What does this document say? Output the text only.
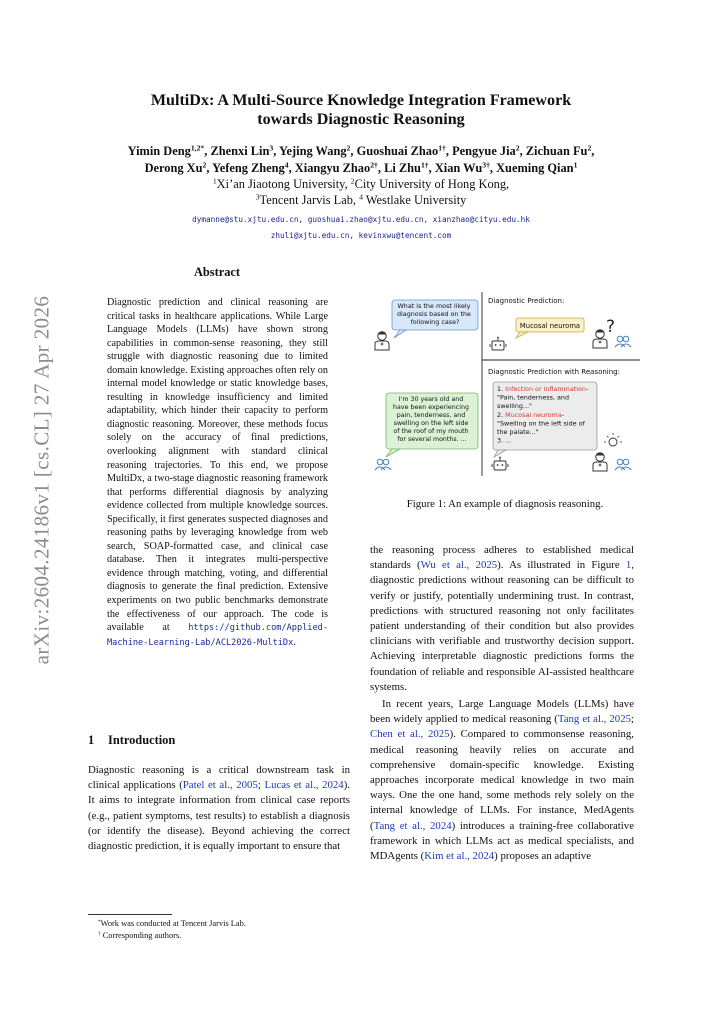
arXiv:2604.24186v1 [cs.CL] 27 Apr 2026
MultiDx: A Multi-Source Knowledge Integration Framework
towards Diagnostic Reasoning
Yimin Deng$^{1,2*}$, Zhenxi Lin$^3$, Yejing Wang$^2$, Guoshuai Zhao$^{1\dagger}$, Pengyue Jia$^2$, Zichuan Fu$^2$,
Derong Xu$^2$, Yefeng Zheng$^4$, Xiangyu Zhao$^{2\dagger}$, Li Zhu$^{1\dagger}$, Xian $Wu^{3\dagger}$, Xueming Qian$^1$
$^1$Xi’an Jiaotong University, $^2$City University of Hong Kong,
$^3$Tencent Jarvis Lab, $^4$ Westlake University
dymanne@stu.xjtu.edu.cn, guoshuai.zhao@xjtu.edu.cn, xianzhao@cityu.edu.hk
zhuli@xjtu.edu.cn, kevinxwu@tencent.com
Abstract
Diagnostic prediction and clinical reasoning are critical tasks in healthcare applications. While Large Language Models (LLMs) have shown strong capabilities in common-sense reasoning, they still struggle with diagnostic reasoning due to limited domain knowledge. Existing approaches often rely on internal model knowledge or static knowledge bases, resulting in knowledge insufficiency and limited adaptability, which hinder their capacity to perform diagnostic reasoning. Moreover, these methods focus solely on the accuracy of final predictions, overlooking alignment with standard clinical reasoning trajectories. To this end, we propose MultiDx, a two-stage diagnostic reasoning framework that performs differential diagnosis by analyzing evidence collected from multiple knowledge sources. Specifically, it first generates suspected diagnoses and reasoning paths by leveraging knowledge from web search, SOAP-formatted case, and clinical case database. Then it integrates multi-perspective evidence through matching, voting, and differential diagnosis to generate the final prediction. Extensive experiments on two public benchmarks demonstrate the effectiveness of our approach. The code is available at https://github.com/Applied-Machine-Learning-Lab/ACL2026-MultiDx.
1 Introduction

Diagnostic reasoning is a critical downstream task in clinical applications (Patel et al., 2005; Lucas et al., 2024). It aims to integrate information from clinical case reports (e.g., patient symptoms, test results) to establish a diagnosis (or identify the disease). Beyond achieving the correct diagnostic prediction, it is equally important to ensure that

*Work was conducted at Tencent Jarvis Lab.
† Corresponding authors.

the reasoning process adheres to established medical standards (Wu et al., 2025). As illustrated in Figure 1, diagnostic predictions without reasoning can be difficult to verify or justify, potentially undermining trust. In contrast, predictions with structured reasoning not only facilitates patient understanding of their condition but also provides clinicians with verifiable and trustworthy decision support. Achieving interpretable diagnostic predictions forms the foundation of reliable and responsible AI-assisted healthcare systems.

In recent years, Large Language Models (LLMs) have been widely applied to medical reasoning (Tang et al., 2025; Chen et al., 2025). Compared to commonsense reasoning, medical reasoning heavily relies on accurate and comprehensive domain-specific knowledge. Existing approaches incorporate medical knowledge in two main ways. One the one hand, some methods rely solely on the internal knowledge of LLMs. For instance, MedAgents (Tang et al., 2024) introduces a training-free collaborative framework in which LLMs act as medical specialists, and MDAgents (Kim et al., 2024) proposes an adaptive

What is the most likely diagnosis based on the following case?
I'm 30 years old and have been experiencing pain, tenderness, and swelling on the left side of the roof of my mouth for several months. ...
Diagnostic Prediction:
Mucosal neuroma ?
Diagnostic Prediction with Reasoning:
1. Infection or inflammation-"Pain, tenderness, and swelling..." 2. Mucosal neuroma-"Swelling on the left side of the palate..." 3. ...
Figure 1: An example of diagnosis reasoning.
